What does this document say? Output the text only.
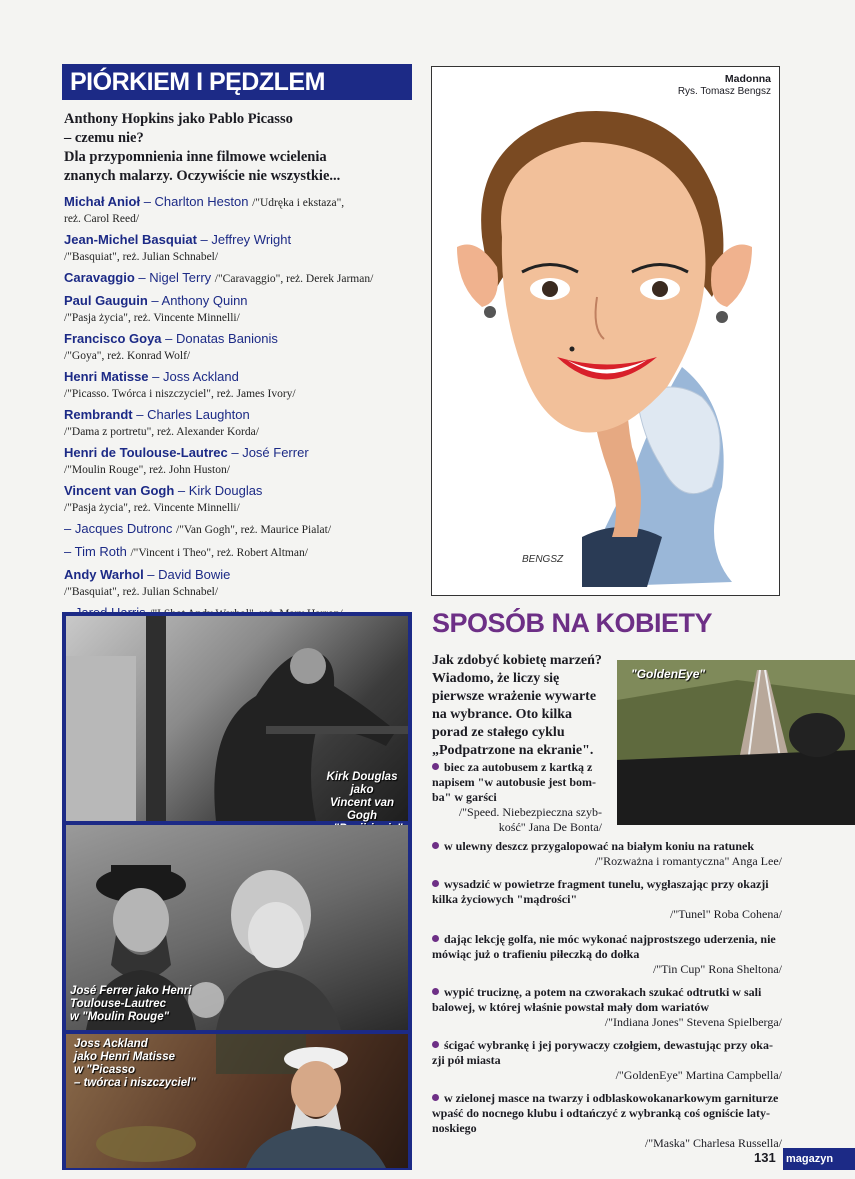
PIÓRKIEM I PĘDZLEM
Anthony Hopkins jako Pablo Picasso
– czemu nie?
Dla przypomnienia inne filmowe wcielenia
znanych malarzy. Oczywiście nie wszystkie...
Michał Anioł – Charlton Heston /"Udręka i ekstaza",
reż. Carol Reed/
Jean-Michel Basquiat – Jeffrey Wright
/"Basquiat", reż. Julian Schnabel/
Caravaggio – Nigel Terry /"Caravaggio", reż. Derek Jarman/
Paul Gauguin – Anthony Quinn
/"Pasja życia", reż. Vincente Minnelli/
Francisco Goya – Donatas Banionis
/"Goya", reż. Konrad Wolf/
Henri Matisse – Joss Ackland
/"Picasso. Twórca i niszczyciel", reż. James Ivory/
Rembrandt – Charles Laughton
/"Dama z portretu", reż. Alexander Korda/
Henri de Toulouse-Lautrec – José Ferrer
/"Moulin Rouge", reż. John Huston/
Vincent van Gogh – Kirk Douglas
/"Pasja życia", reż. Vincente Minnelli/
– Jacques Dutronc /"Van Gogh", reż. Maurice Pialat/
– Tim Roth /"Vincent i Theo", reż. Robert Altman/
Andy Warhol – David Bowie
/"Basquiat", reż. Julian Schnabel/
Madonna
Rys. Tomasz Bengsz
BENGSZ
Kirk Douglas jako
Vincent van Gogh
José Ferrer jako Henri
Toulouse-Lautrec
w "Moulin Rouge"
Joss Ackland
jako Henri Matisse
w "Picasso
– twórca i niszczyciel"
SPOSÓB NA KOBIETY
Jak zdobyć kobietę marzeń?
Wiadomo, że liczy się
pierwsze wrażenie wywarte
na wybrance. Oto kilka
porad ze stałego cyklu
„Podpatrzone na ekranie".
"GoldenEye"
biec za autobusem z kartką z
napisem "w autobusie jest bom-
ba" w garści
/"Speed. Niebezpieczna szyb-
kość" Jana De Bonta/
w ulewny deszcz przygalopować na białym koniu na ratunek
/"Rozważna i romantyczna" Anga Lee/
wysadzić w powietrze fragment tunelu, wygłaszając przy okazji
kilka życiowych "mądrości"
/"Tunel" Roba Cohena/
dając lekcję golfa, nie móc wykonać najprostszego uderzenia, nie
mówiąc już o trafieniu piłeczką do dołka
/"Tin Cup" Rona Sheltona/
wypić truciznę, a potem na czworakach szukać odtrutki w sali
balowej, w której właśnie powstał mały dom wariatów
/"Indiana Jones" Stevena Spielberga/
ścigać wybrankę i jej porywaczy czołgiem, dewastując przy oka-
zji pół miasta
/"GoldenEye" Martina Campbella/
w zielonej masce na twarzy i odblaskowokanarkowym garniturze
wpaść do nocnego klubu i odtańczyć z wybranką coś ogniście laty-
noskiego
/"Maska" Charlesa Russella/
131 magazyn
